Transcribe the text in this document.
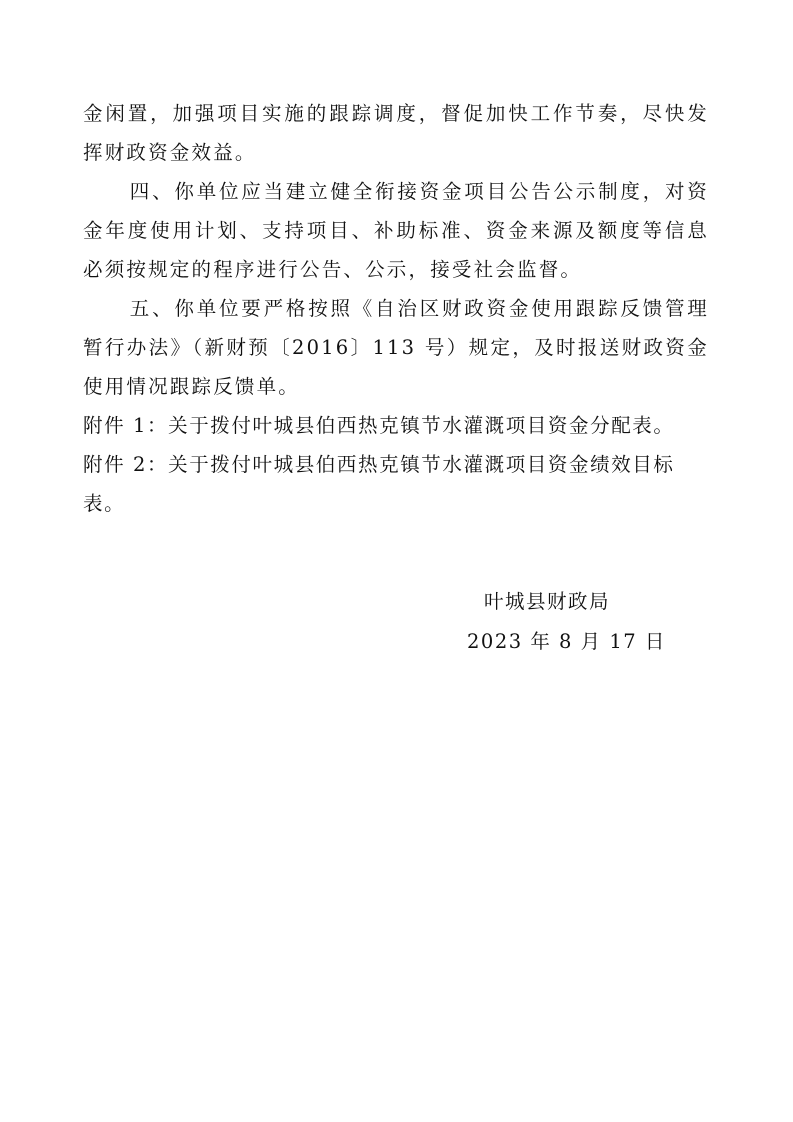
金闲置，加强项目实施的跟踪调度，督促加快工作节奏，尽快发挥财政资金效益。

四、你单位应当建立健全衔接资金项目公告公示制度，对资金年度使用计划、支持项目、补助标准、资金来源及额度等信息必须按规定的程序进行公告、公示，接受社会监督。

五、你单位要严格按照《自治区财政资金使用跟踪反馈管理暂行办法》（新财预〔2016〕113 号）规定，及时报送财政资金使用情况跟踪反馈单。

附件 1：关于拨付叶城县伯西热克镇节水灌溉项目资金分配表。

附件 2：关于拨付叶城县伯西热克镇节水灌溉项目资金绩效目标表。

叶城县财政局
2023 年 8 月 17 日
